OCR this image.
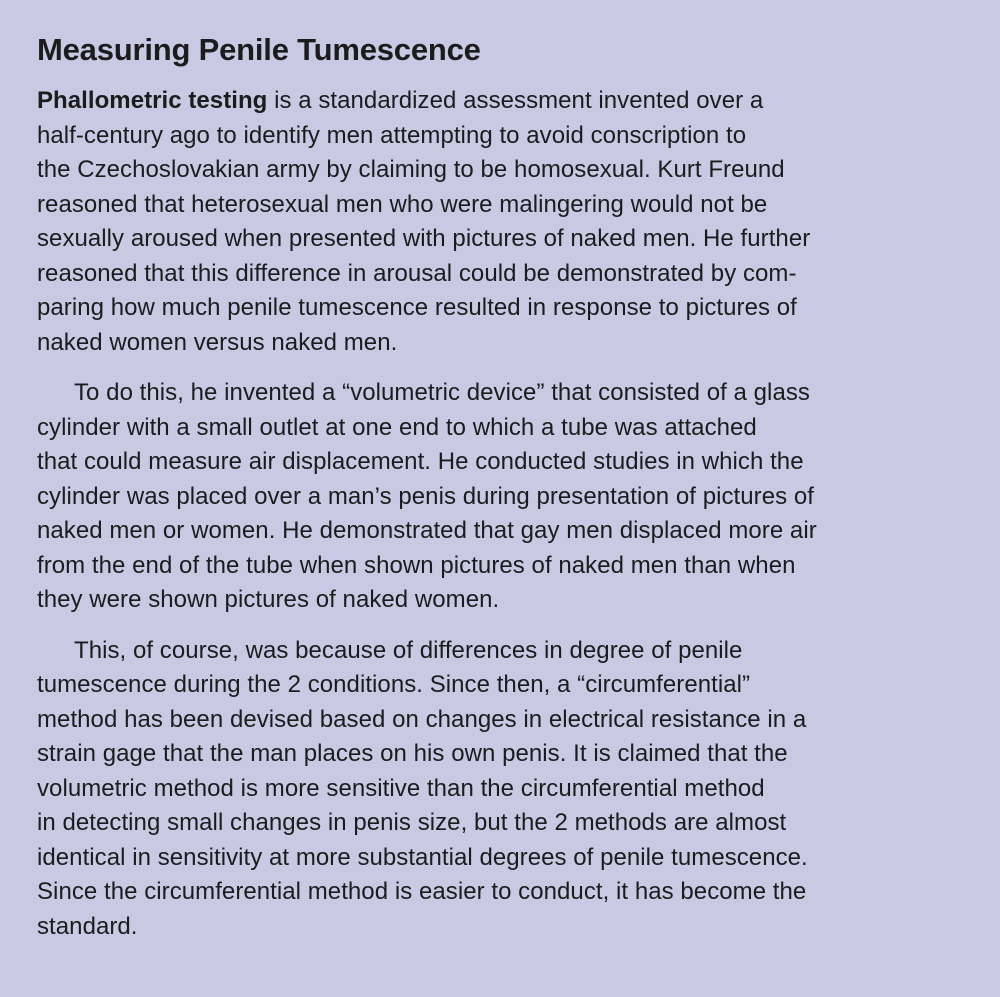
Measuring Penile Tumescence

Phallometric testing is a standardized assessment invented over a
half-century ago to identify men attempting to avoid conscription to
the Czechoslovakian army by claiming to be homosexual. Kurt Freund
reasoned that heterosexual men who were malingering would not be
sexually aroused when presented with pictures of naked men. He further
reasoned that this difference in arousal could be demonstrated by com-
paring how much penile tumescence resulted in response to pictures of
naked women versus naked men.

To do this, he invented a “volumetric device” that consisted of a glass
cylinder with a small outlet at one end to which a tube was attached
that could measure air displacement. He conducted studies in which the
cylinder was placed over a man’s penis during presentation of pictures of
naked men or women. He demonstrated that gay men displaced more air
from the end of the tube when shown pictures of naked men than when
they were shown pictures of naked women.

This, of course, was because of differences in degree of penile
tumescence during the 2 conditions. Since then, a “circumferential”
method has been devised based on changes in electrical resistance in a
strain gage that the man places on his own penis. It is claimed that the
volumetric method is more sensitive than the circumferential method
in detecting small changes in penis size, but the 2 methods are almost
identical in sensitivity at more substantial degrees of penile tumescence.
Since the circumferential method is easier to conduct, it has become the
standard.
